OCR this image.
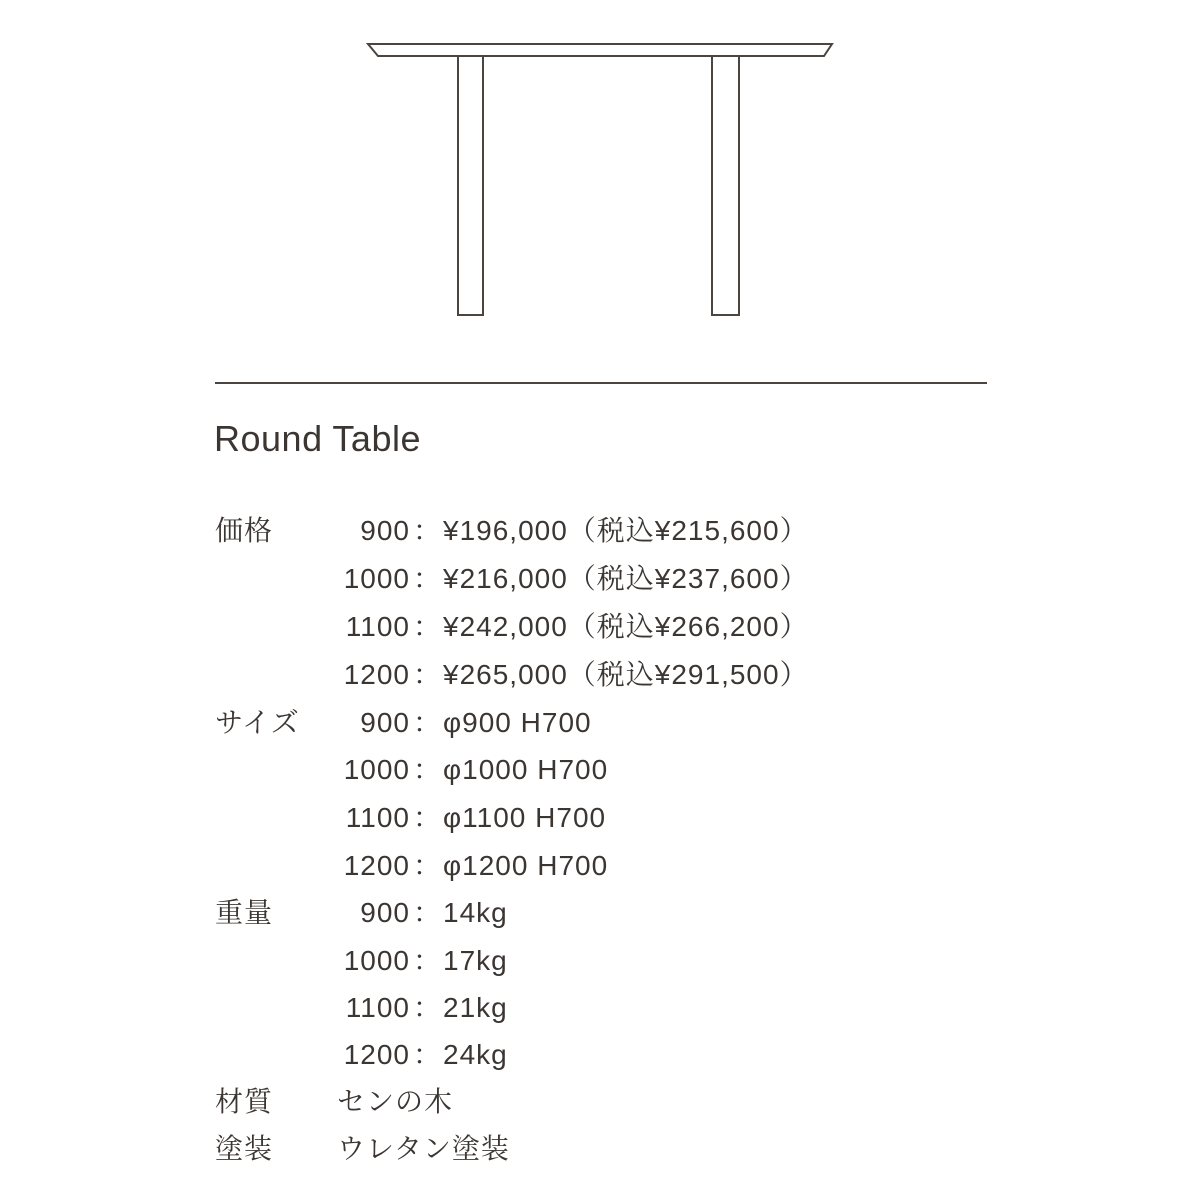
Round Table
価格	900 ： ¥196,000（税込¥215,600）
1000 ： ¥216,000（税込¥237,600）
1100 ： ¥242,000（税込¥266,200）
1200 ： ¥265,000（税込¥291,500）
サイズ	900 ： φ900 H700
1000 ： φ1000 H700
1100 ： φ1100 H700
1200 ： φ1200 H700
重量	900 ： 14kg
1000 ： 17kg
1100 ： 21kg
1200 ： 24kg
材質 センの木
塗装 ウレタン塗装
